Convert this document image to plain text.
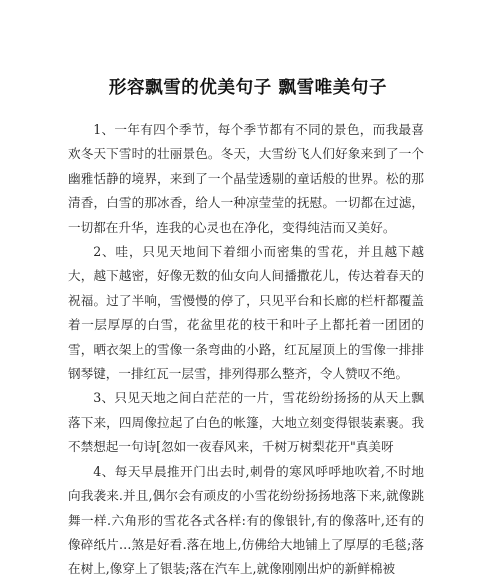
形容飘雪的优美句子 飘雪唯美句子

1、一年有四个季节，每个季节都有不同的景色，而我最喜欢冬天下雪时的壮丽景色。冬天，大雪纷飞人们好象来到了一个幽雅恬静的境界，来到了一个晶莹透剔的童话般的世界。松的那清香，白雪的那冰香，给人一种凉莹莹的抚慰。一切都在过滤，一切都在升华，连我的心灵也在净化，变得纯洁而又美好。

2、哇，只见天地间下着细小而密集的雪花，并且越下越大，越下越密，好像无数的仙女向人间播撒花儿，传达着春天的祝福。过了半响，雪慢慢的停了，只见平台和长廊的栏杆都覆盖着一层厚厚的白雪，花盆里花的枝干和叶子上都托着一团团的雪，晒衣架上的雪像一条弯曲的小路，红瓦屋顶上的雪像一排排钢琴键，一排红瓦一层雪，排列得那么整齐，令人赞叹不绝。

3、只见天地之间白茫茫的一片，雪花纷纷扬扬的从天上飘落下来，四周像拉起了白色的帐篷，大地立刻变得银装素裹。我不禁想起一句诗[忽如一夜春风来，千树万树梨花开"真美呀

4、每天早晨推开门出去时,刺骨的寒风呼呼地吹着,不时地向我袭来.并且,偶尔会有顽皮的小雪花纷纷扬扬地落下来,就像跳舞一样.六角形的雪花各式各样:有的像银针,有的像落叶,还有的像碎纸片…煞是好看.落在地上,仿佛给大地铺上了厚厚的毛毯;落在树上,像穿上了银装;落在汽车上,就像刚刚出炉的新鲜棉被
